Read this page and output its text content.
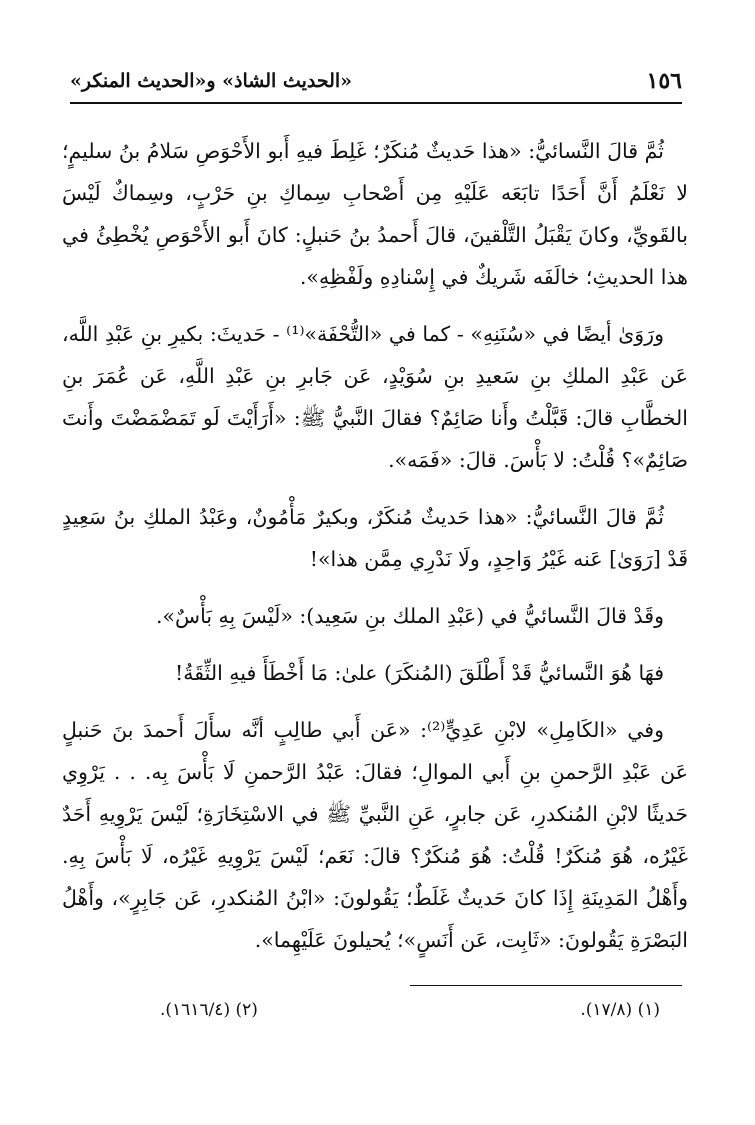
١٥٦
«الحديث الشاذ» و«الحديث المنكر»

ثُمَّ قالَ النَّسائيُّ: «هذا حَديثٌ مُنكَرٌ؛ غَلِطَ فيهِ أَبو الأَحْوَصِ سَلامُ بنُ سليمٍ؛ لا نَعْلَمُ أَنَّ أَحَدًا تابَعَه عَلَيْهِ مِن أَصْحابِ سِماكِ بنِ حَرْبٍ، وسِماكٌ لَيْسَ بالقَويِّ، وكانَ يَقْبَلُ التَّلْقينَ، قالَ أَحمدُ بنُ حَنبلٍ: كانَ أَبو الأَحْوَصِ يُخْطِئُ في هذا الحديثِ؛ خالَفَه شَريكٌ في إِسْنادِهِ ولَفْظِهِ».

ورَوَىٰ أيضًا في «سُنَنِهِ» - كما في «التُّحْفَة»⁽¹⁾ - حَديثَ: بكيرِ بنِ عَبْدِ اللَّه، عَن عَبْدِ الملكِ بنِ سَعيدِ بنِ سُوَيْدٍ، عَن جَابرِ بنِ عَبْدِ اللَّهِ، عَن عُمَرَ بنِ الخطَّابِ قالَ: قَبَّلْتُ وأَنا صَائِمٌ؟ فقالَ النَّبيُّ ﷺ: «أَرَأَيْتَ لَو تَمَضْمَضْتَ وأَنتَ صَائِمٌ»؟ قُلْتُ: لا بَأْسَ. قالَ: «فَمَه».

ثُمَّ قالَ النَّسائيُّ: «هذا حَديثٌ مُنكَرٌ، وبكيرٌ مَأْمُونٌ، وعَبْدُ الملكِ بنُ سَعِيدٍ قَدْ [رَوَىٰ] عَنه غَيْرُ وَاحِدٍ، ولَا نَدْرِي مِمَّن هذا»!

وقَدْ قالَ النَّسائيُّ في (عَبْدِ الملك بنِ سَعِيد): «لَيْسَ بِهِ بَأْسٌ».

فهَا هُوَ النَّسائيُّ قَدْ أَطْلَقَ (المُنكَرَ) علىٰ: مَا أَخْطَأَ فيهِ الثِّقَةُ!

وفي «الكَامِلِ» لابْنِ عَدِيٍّ⁽²⁾: «عَن أَبي طالِبٍ أنَّه سأَلَ أَحمدَ بنَ حَنبلٍ عَن عَبْدِ الرَّحمنِ بنِ أَبي الموالِ؛ فقالَ: عَبْدُ الرَّحمنِ لَا بَأْسَ بِه. . . يَرْوِي حَديثًا لابْنِ المُنكدرِ، عَن جابرٍ، عَنِ النَّبيِّ ﷺ في الاسْتِخَارَةِ؛ لَيْسَ يَرْوِيهِ أَحَدٌ غَيْرُه، هُوَ مُنكَرٌ! قُلْتُ: هُوَ مُنكَرٌ؟ قالَ: نَعَم؛ لَيْسَ يَرْوِيهِ غَيْرُه، لَا بَأْسَ بِهِ. وأَهْلُ المَدِينَةِ إِذَا كانَ حَديثٌ غَلَطٌ؛ يَقُولونَ: «ابْنُ المُنكدرِ، عَن جَابِرٍ»، وأَهْلُ البَصْرَةِ يَقُولونَ: «ثَابِت، عَن أَنَسٍ»؛ يُحيلونَ عَلَيْهِما».

(١) (١٧/٨).
(٢) (١٦١٦/٤).
